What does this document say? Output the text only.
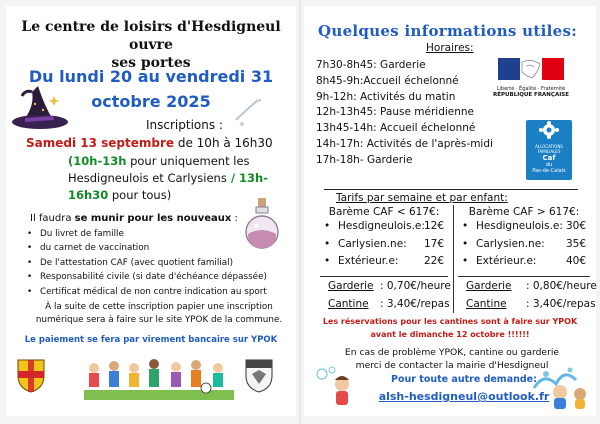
Le centre de loisirs d'Hesdigneul ouvre
ses portes
Du lundi 20 au vendredi 31
octobre 2025
Inscriptions :
Samedi 13 septembre de 10h à 16h30
(10h-13h pour uniquement les Hesdigneulois et Carlysiens / 13h-16h30 pour tous)
Il faudra se munir pour les nouveaux :
• Du livret de famille
• du carnet de vaccination
• De l'attestation CAF (avec quotient familial)
• Responsabilité civile (si date d'échéance dépassée)
• Certificat médical de non contre indication au sport
À la suite de cette inscription papier une inscription
numérique sera à faire sur le site YPOK de la commune.
Le paiement se fera par virement bancaire sur YPOK
Quelques informations utiles:
Horaires:
7h30-8h45: Garderie
8h45-9h:Accueil échelonné
9h-12h: Activités du matin
12h-13h45: Pause méridienne
13h45-14h: Accueil échelonné
14h-17h: Activités de l'après-midi
17h-18h- Garderie
Liberté · Égalité · Fraternité
RÉPUBLIQUE FRANÇAISE
ALLOCATIONS
FAMILIALES
Caf
du
Pas-de-Calais
Tarifs par semaine et par enfant:
Barème CAF < 617€:
• Hesdigneulois.e: 12€
• Carlysien.ne: 17€
• Extérieur.e: 22€
Garderie : 0,70€/heure
Cantine : 3,40€/repas
Barème CAF > 617€:
• Hesdigneulois.e: 30€
• Carlysien.ne: 35€
• Extérieur.e:	40€
Garderie : 0,80€/heure
Cantine : 3,40€/repas
Les réservations pour les cantines sont à faire sur YPOK
avant le dimanche 12 octobre !!!!!!
En cas de problème YPOK, cantine ou garderie
merci de contacter la mairie d'Hesdigneul
Pour toute autre demande:
alsh-hesdigneul@outlook.fr
